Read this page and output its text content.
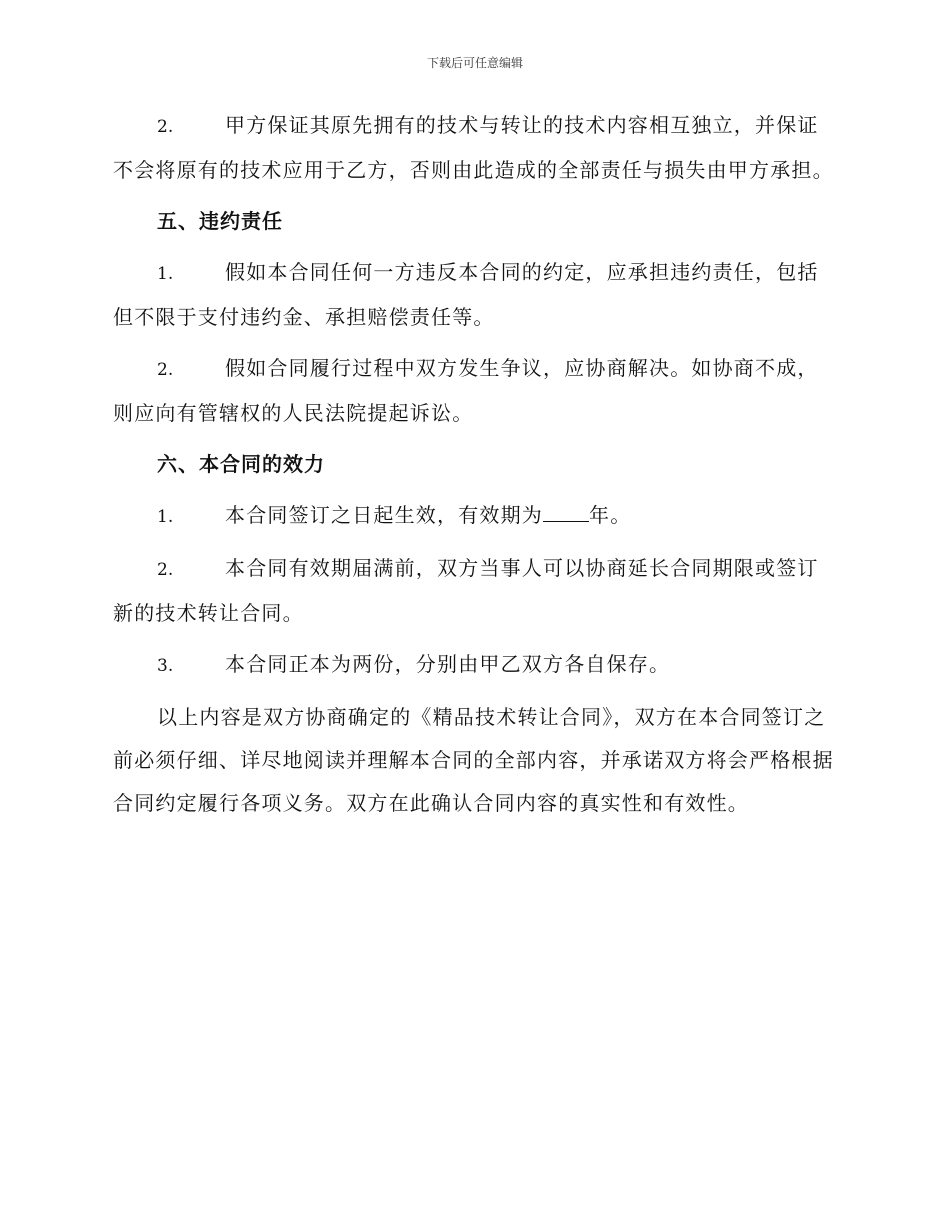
下载后可任意编辑

2.	甲方保证其原先拥有的技术与转让的技术内容相互独立，并保证不会将原有的技术应用于乙方，否则由此造成的全部责任与损失由甲方承担。

五、违约责任

1.	假如本合同任何一方违反本合同的约定，应承担违约责任，包括但不限于支付违约金、承担赔偿责任等。

2.	假如合同履行过程中双方发生争议，应协商解决。如协商不成，则应向有管辖权的人民法院提起诉讼。

六、本合同的效力

1.	本合同签订之日起生效，有效期为 年。

2.	本合同有效期届满前，双方当事人可以协商延长合同期限或签订新的技术转让合同。

3.	本合同正本为两份，分别由甲乙双方各自保存。

以上内容是双方协商确定的《精品技术转让合同》，双方在本合同签订之前必须仔细、详尽地阅读并理解本合同的全部内容，并承诺双方将会严格根据合同约定履行各项义务。双方在此确认合同内容的真实性和有效性。
